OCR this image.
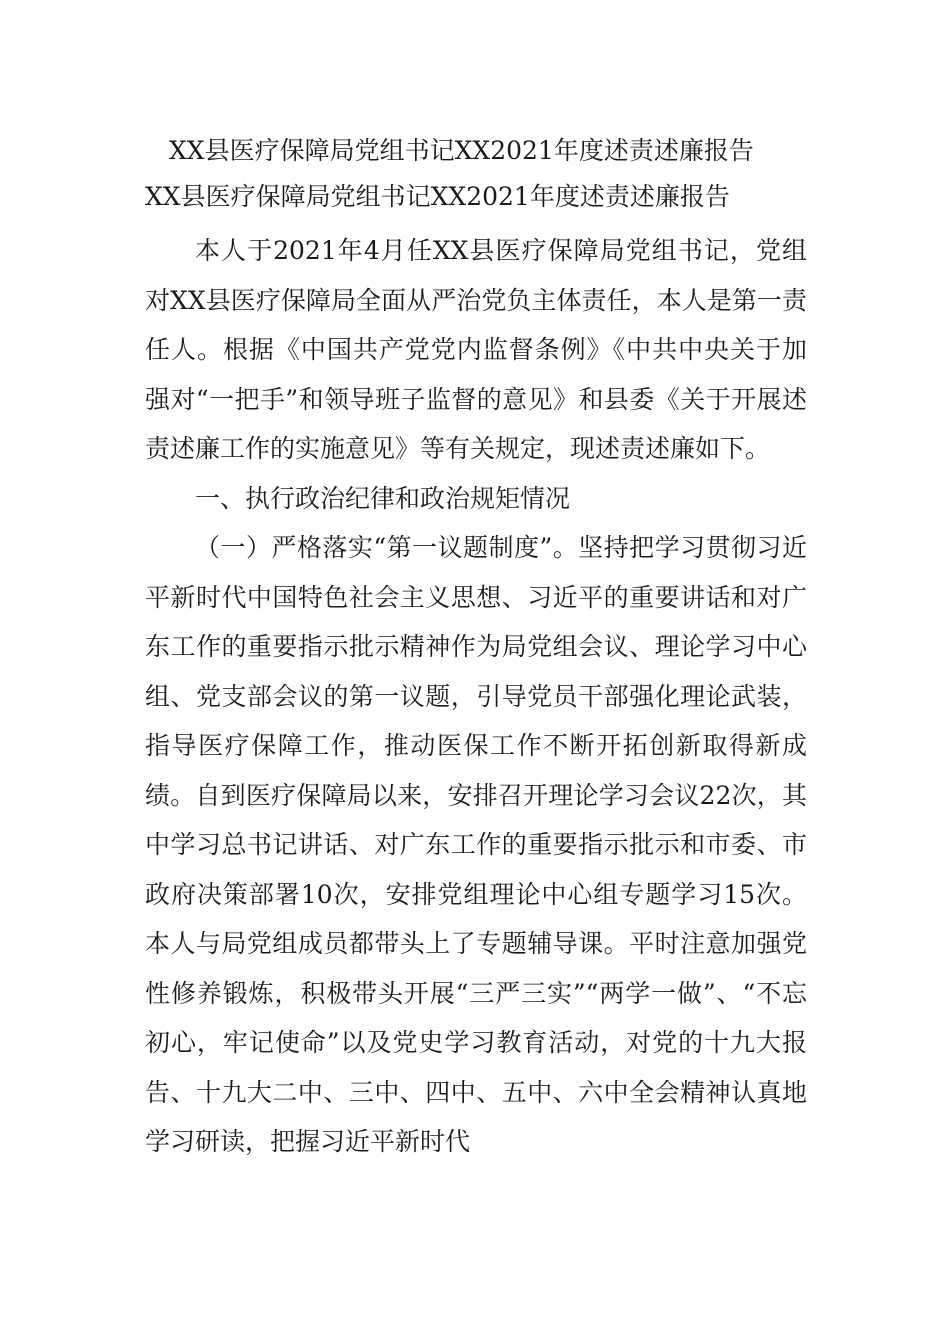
XX县医疗保障局党组书记XX2021年度述责述廉报告

XX县医疗保障局党组书记XX2021年度述责述廉报告

本人于2021年4月任XX县医疗保障局党组书记，党组对XX县医疗保障局全面从严治党负主体责任，本人是第一责任人。根据《中国共产党党内监督条例》《中共中央关于加强对“一把手”和领导班子监督的意见》和县委《关于开展述责述廉工作的实施意见》等有关规定，现述责述廉如下。

一、执行政治纪律和政治规矩情况

（一）严格落实“第一议题制度”。坚持把学习贯彻习近平新时代中国特色社会主义思想、习近平的重要讲话和对广东工作的重要指示批示精神作为局党组会议、理论学习中心组、党支部会议的第一议题，引导党员干部强化理论武装，指导医疗保障工作，推动医保工作不断开拓创新取得新成绩。自到医疗保障局以来，安排召开理论学习会议22次，其中学习总书记讲话、对广东工作的重要指示批示和市委、市政府决策部署10次，安排党组理论中心组专题学习15次。本人与局党组成员都带头上了专题辅导课。平时注意加强党性修养锻炼，积极带头开展“三严三实”“两学一做”、“不忘初心，牢记使命”以及党史学习教育活动，对党的十九大报告、十九大二中、三中、四中、五中、六中全会精神认真地学习研读，把握习近平新时代
